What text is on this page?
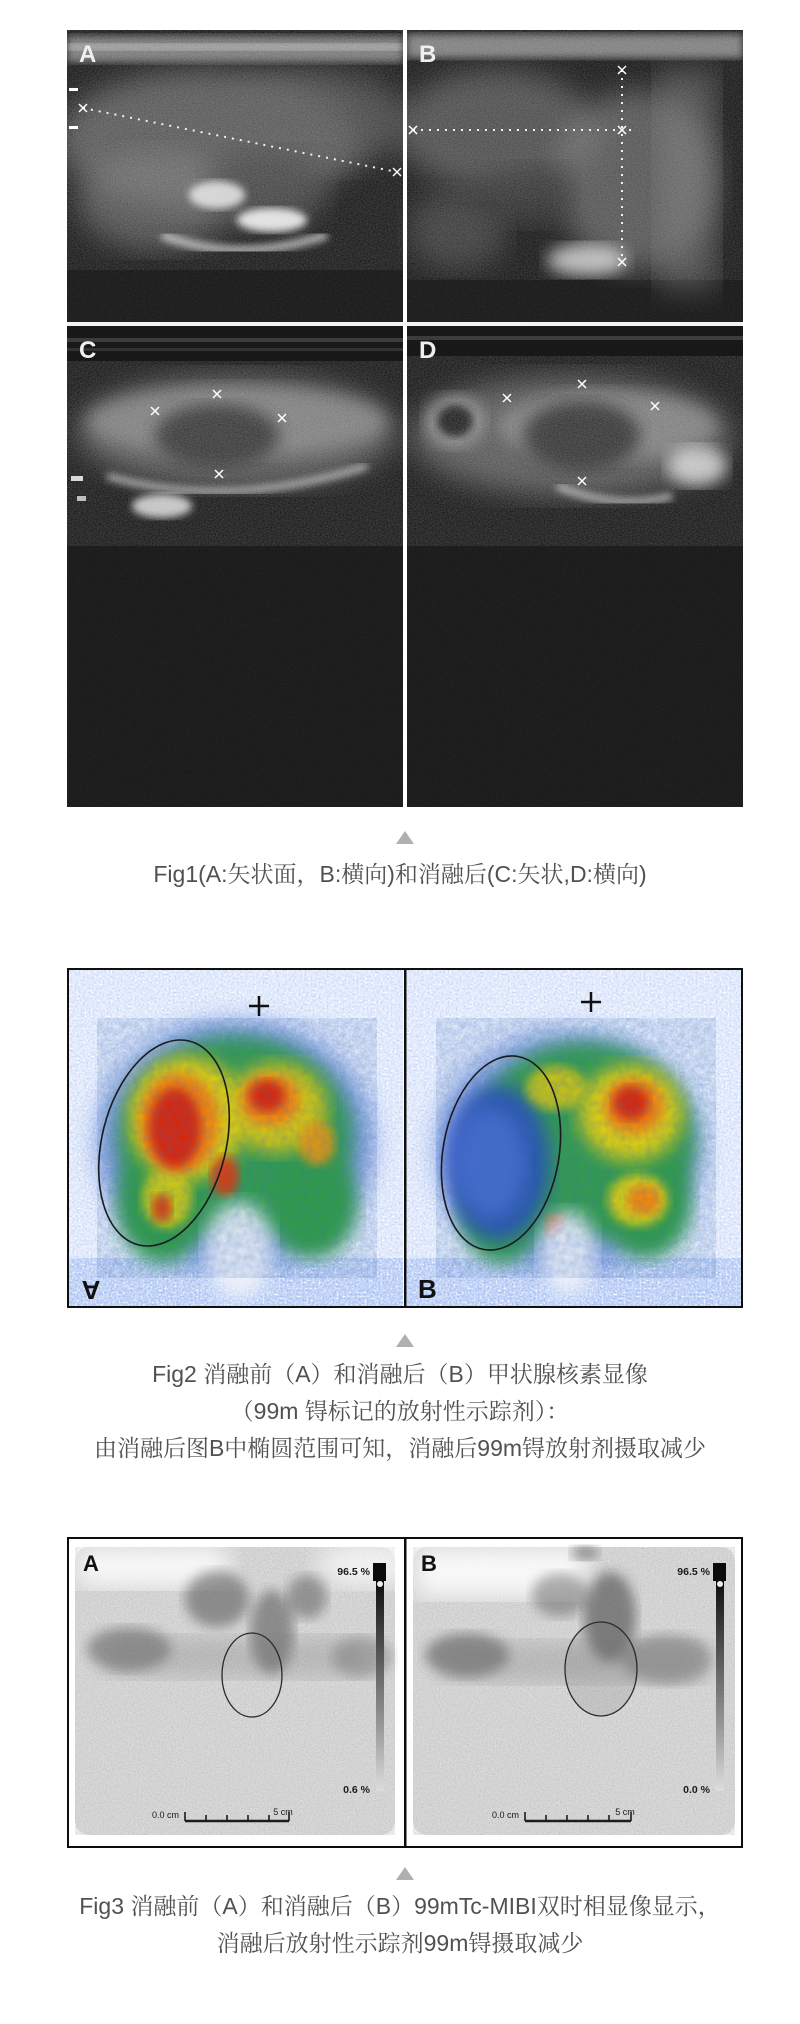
A	B
C	D
Fig1(A:矢状面，B:横向)和消融后(C:矢状,D:横向)
A	B
Fig2 消融前（A）和消融后（B）甲状腺核素显像
（99m 锝标记的放射性示踪剂）：
由消融后图B中椭圆范围可知，消融后99m锝放射剂摄取减少
96.5 %
0.6 %
0.0 cm	5 cm
A	96.5 %
0.0 %
0.0 cm	5 cm
B
Fig3 消融前（A）和消融后（B）99mTc-MIBI双时相显像显示，
消融后放射性示踪剂99m锝摄取减少
